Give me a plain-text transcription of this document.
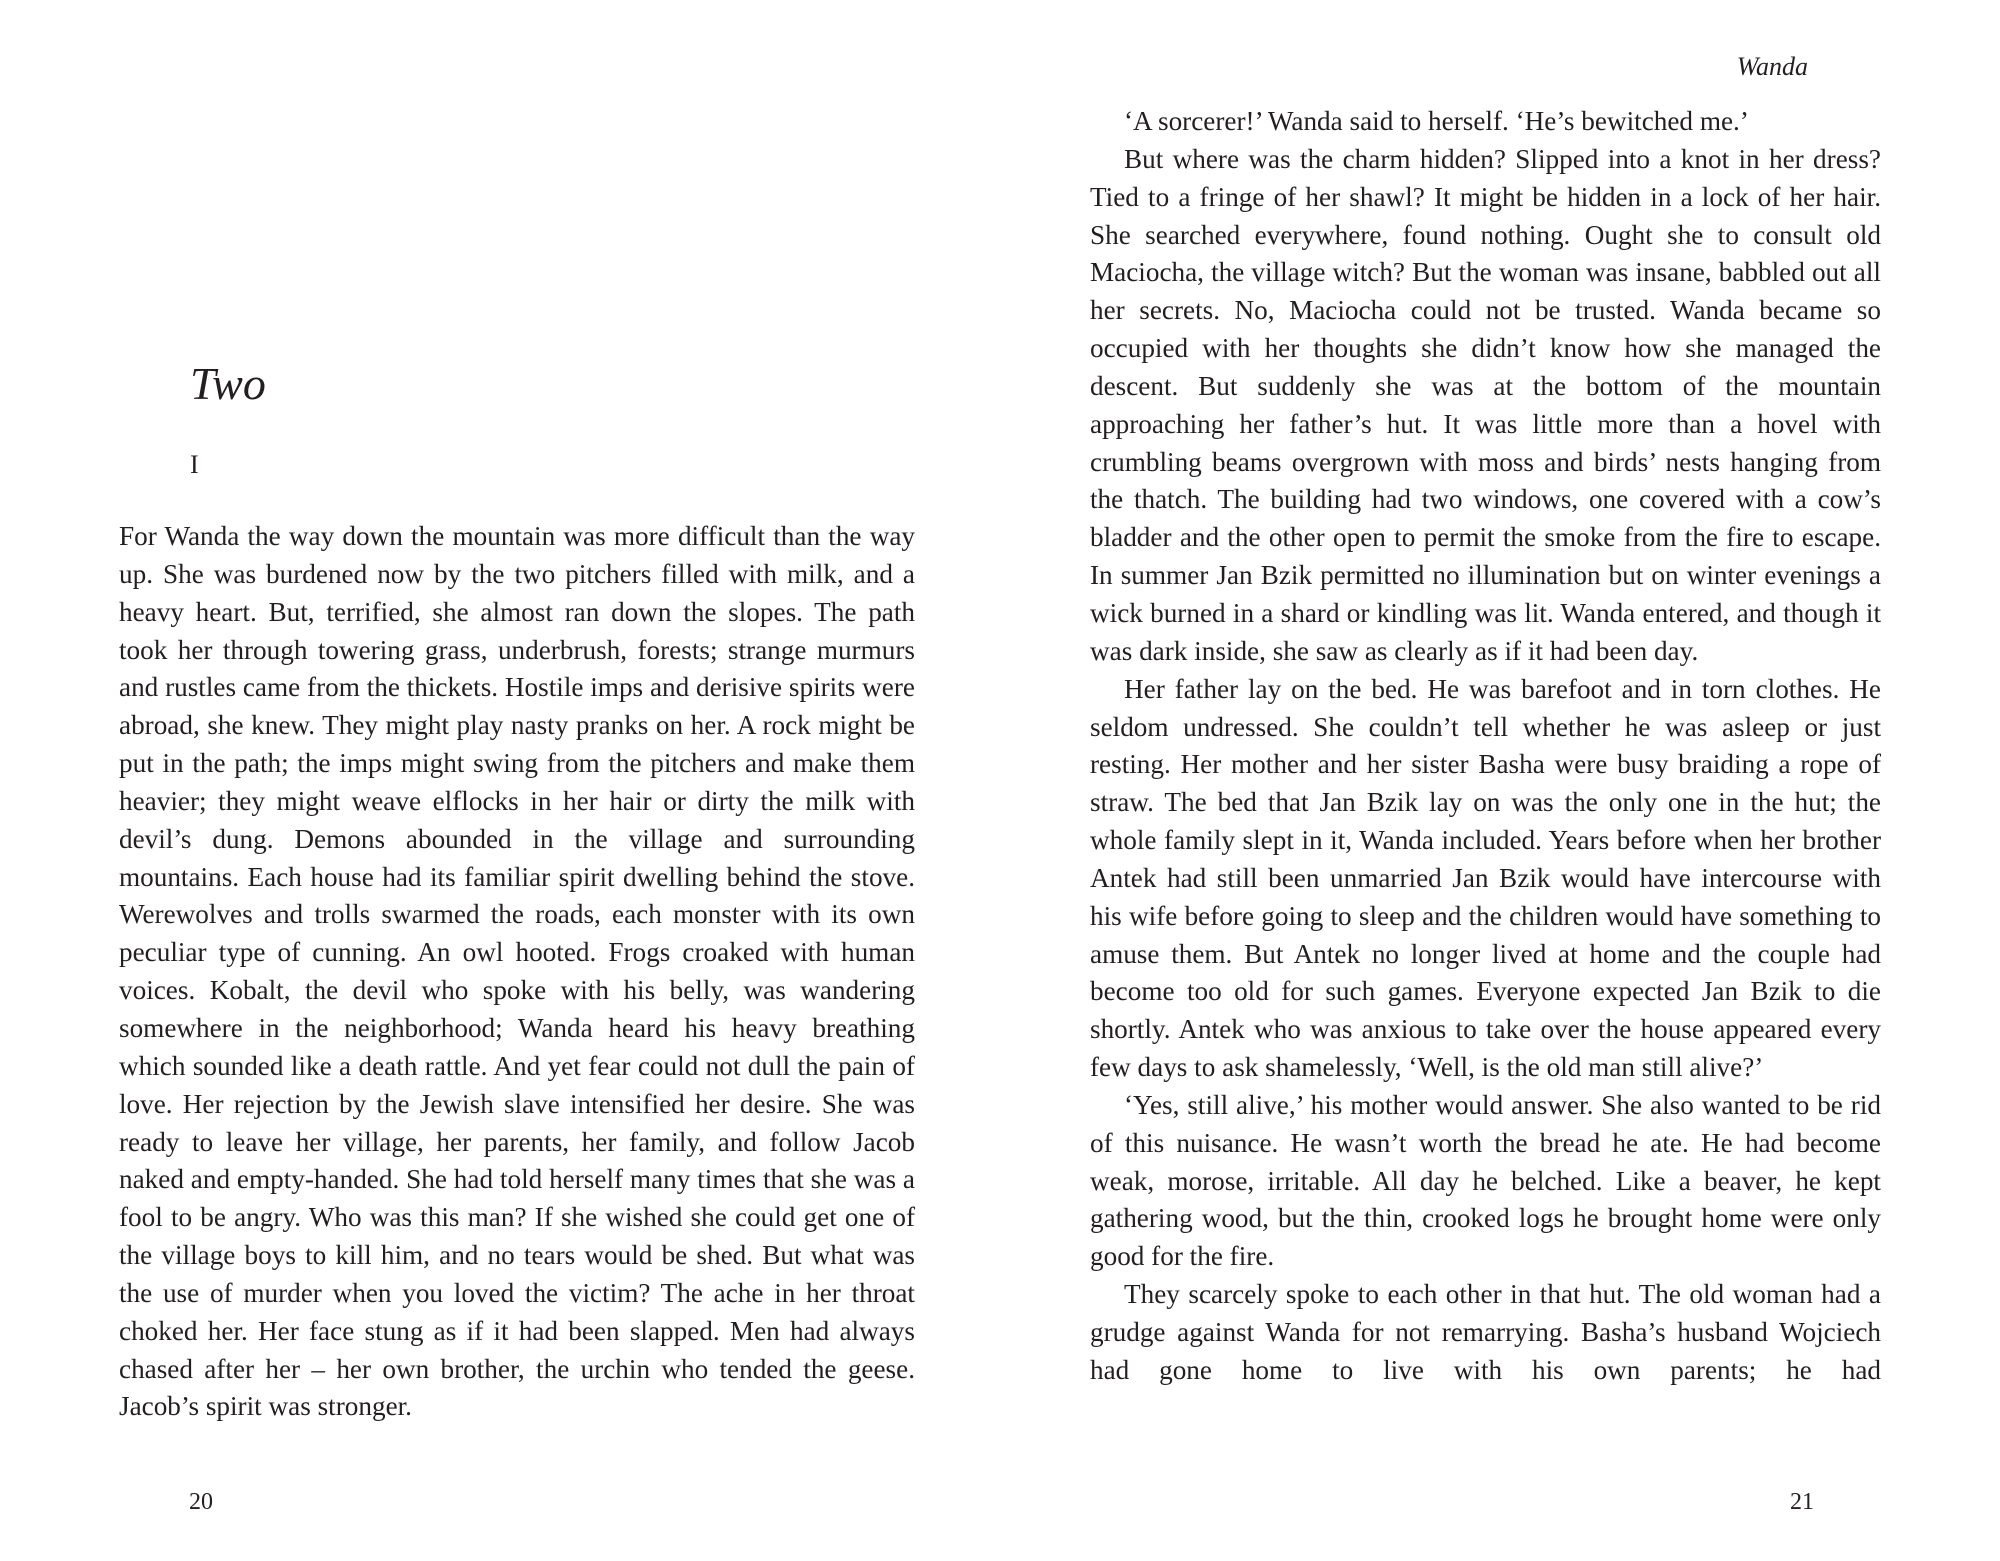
Two
I

For Wanda the way down the mountain was more difficult than the way up. She was burdened now by the two pitchers filled with milk, and a heavy heart. But, terrified, she almost ran down the slopes. The path took her through towering grass, underbrush, forests; strange murmurs and rustles came from the thickets. Hostile imps and derisive spirits were abroad, she knew. They might play nasty pranks on her. A rock might be put in the path; the imps might swing from the pitchers and make them heavier; they might weave elflocks in her hair or dirty the milk with devil’s dung. Demons abounded in the village and surrounding mountains. Each house had its familiar spirit dwelling behind the stove. Werewolves and trolls swarmed the roads, each monster with its own peculiar type of cunning. An owl hooted. Frogs croaked with human voices. Kobalt, the devil who spoke with his belly, was wandering somewhere in the neighborhood; Wanda heard his heavy breathing which sounded like a death rattle. And yet fear could not dull the pain of love. Her rejection by the Jewish slave intensified her desire. She was ready to leave her village, her parents, her family, and follow Jacob naked and empty-handed. She had told herself many times that she was a fool to be angry. Who was this man? If she wished she could get one of the village boys to kill him, and no tears would be shed. But what was the use of murder when you loved the victim? The ache in her throat choked her. Her face stung as if it had been slapped. Men had always chased after her – her own brother, the urchin who tended the geese. Jacob’s spirit was stronger.

20
Wanda

‘A sorcerer!’ Wanda said to herself. ‘He’s bewitched me.’

But where was the charm hidden? Slipped into a knot in her dress? Tied to a fringe of her shawl? It might be hidden in a lock of her hair. She searched everywhere, found nothing. Ought she to consult old Maciocha, the village witch? But the woman was insane, babbled out all her secrets. No, Maciocha could not be trusted. Wanda became so occupied with her thoughts she didn’t know how she managed the descent. But suddenly she was at the bottom of the mountain approaching her father’s hut. It was little more than a hovel with crumbling beams overgrown with moss and birds’ nests hanging from the thatch. The building had two windows, one covered with a cow’s bladder and the other open to permit the smoke from the fire to escape. In summer Jan Bzik permitted no illumination but on winter evenings a wick burned in a shard or kindling was lit. Wanda entered, and though it was dark inside, she saw as clearly as if it had been day.

Her father lay on the bed. He was barefoot and in torn clothes. He seldom undressed. She couldn’t tell whether he was asleep or just resting. Her mother and her sister Basha were busy braiding a rope of straw. The bed that Jan Bzik lay on was the only one in the hut; the whole family slept in it, Wanda included. Years before when her brother Antek had still been unmarried Jan Bzik would have intercourse with his wife before going to sleep and the children would have something to amuse them. But Antek no longer lived at home and the couple had become too old for such games. Everyone expected Jan Bzik to die shortly. Antek who was anxious to take over the house appeared every few days to ask shamelessly, ‘Well, is the old man still alive?’

‘Yes, still alive,’ his mother would answer. She also wanted to be rid of this nuisance. He wasn’t worth the bread he ate. He had become weak, morose, irritable. All day he belched. Like a beaver, he kept gathering wood, but the thin, crooked logs he brought home were only good for the fire.

They scarcely spoke to each other in that hut. The old woman had a grudge against Wanda for not remarrying. Basha’s husband Wojciech had gone home to live with his own parents; he had

21
